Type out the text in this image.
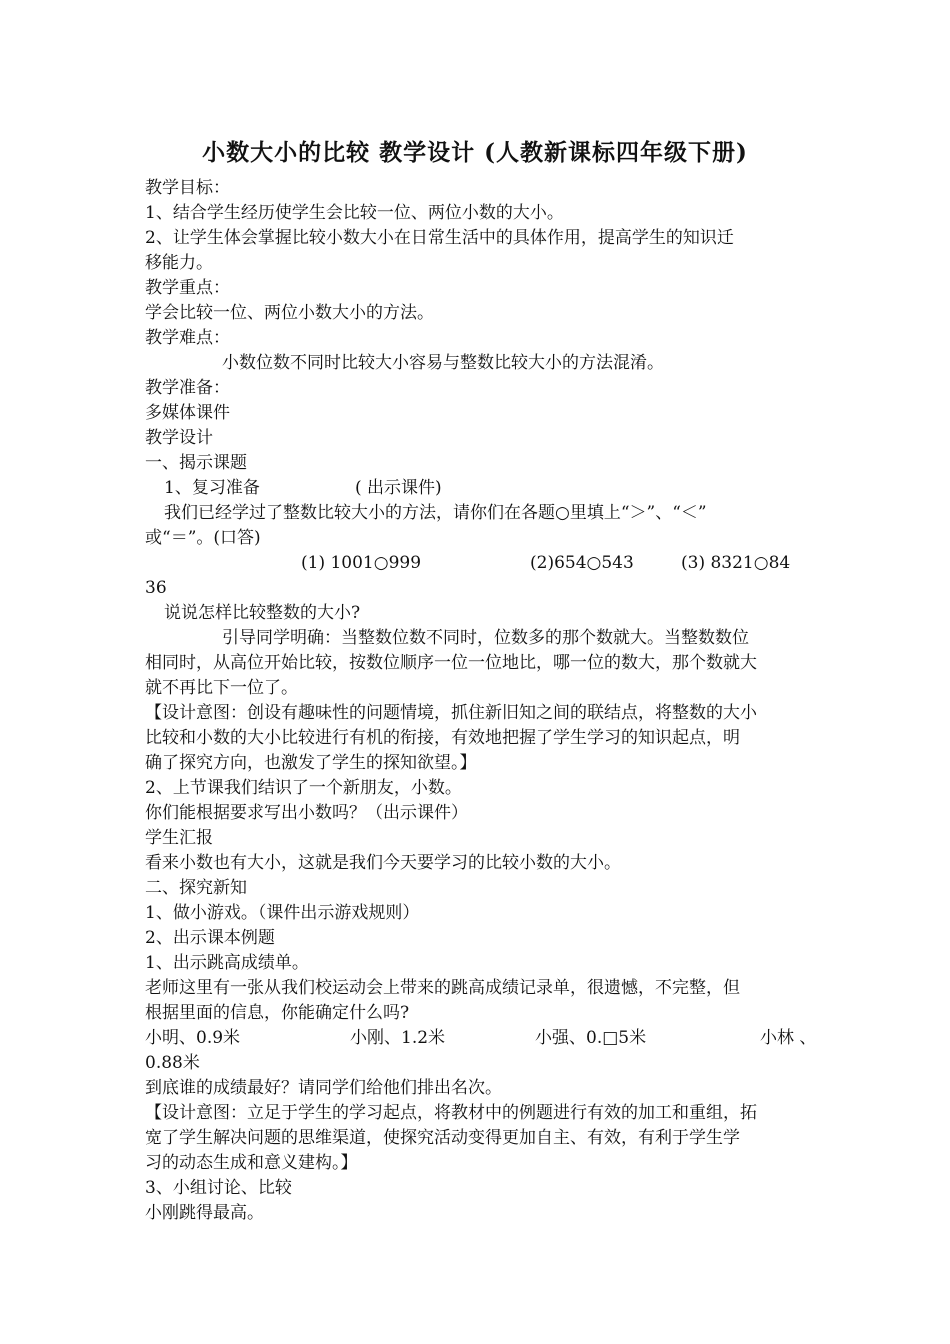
小数大小的比较 教学设计 (人教新课标四年级下册)
教学目标：
1、结合学生经历使学生会比较一位、两位小数的大小。
2、让学生体会掌握比较小数大小在日常生活中的具体作用，提高学生的知识迁
移能力。
教学重点：
学会比较一位、两位小数大小的方法。
教学难点：
小数位数不同时比较大小容易与整数比较大小的方法混淆。
教学准备：
多媒体课件
教学设计
一、揭示课题
1、复习准备	( 出示课件)
我们已经学过了整数比较大小的方法，请你们在各题○里填上“＞”、“＜”
或“＝”。(口答)
(1) 1001○999	(2)654○543	(3) 8321○84
36
说说怎样比较整数的大小?
引导同学明确：当整数位数不同时，位数多的那个数就大。当整数数位
相同时，从高位开始比较，按数位顺序一位一位地比，哪一位的数大，那个数就大
就不再比下一位了。
【设计意图：创设有趣味性的问题情境，抓住新旧知之间的联结点，将整数的大小
比较和小数的大小比较进行有机的衔接，有效地把握了学生学习的知识起点，明
确了探究方向，也激发了学生的探知欲望。】
2、上节课我们结识了一个新朋友，小数。
你们能根据要求写出小数吗？（出示课件）
学生汇报
看来小数也有大小，这就是我们今天要学习的比较小数的大小。
二、探究新知
1、做小游戏。（课件出示游戏规则）
2、出示课本例题
1、出示跳高成绩单。
老师这里有一张从我们校运动会上带来的跳高成绩记录单，很遗憾，不完整，但
根据里面的信息，你能确定什么吗?
小明、0.9米	小刚、1.2米	小强、0.□5米	小林 、
0.88米
到底谁的成绩最好？请同学们给他们排出名次。
【设计意图：立足于学生的学习起点，将教材中的例题进行有效的加工和重组，拓
宽了学生解决问题的思维渠道，使探究活动变得更加自主、有效，有利于学生学
习的动态生成和意义建构。】
3、小组讨论、比较
小刚跳得最高。
